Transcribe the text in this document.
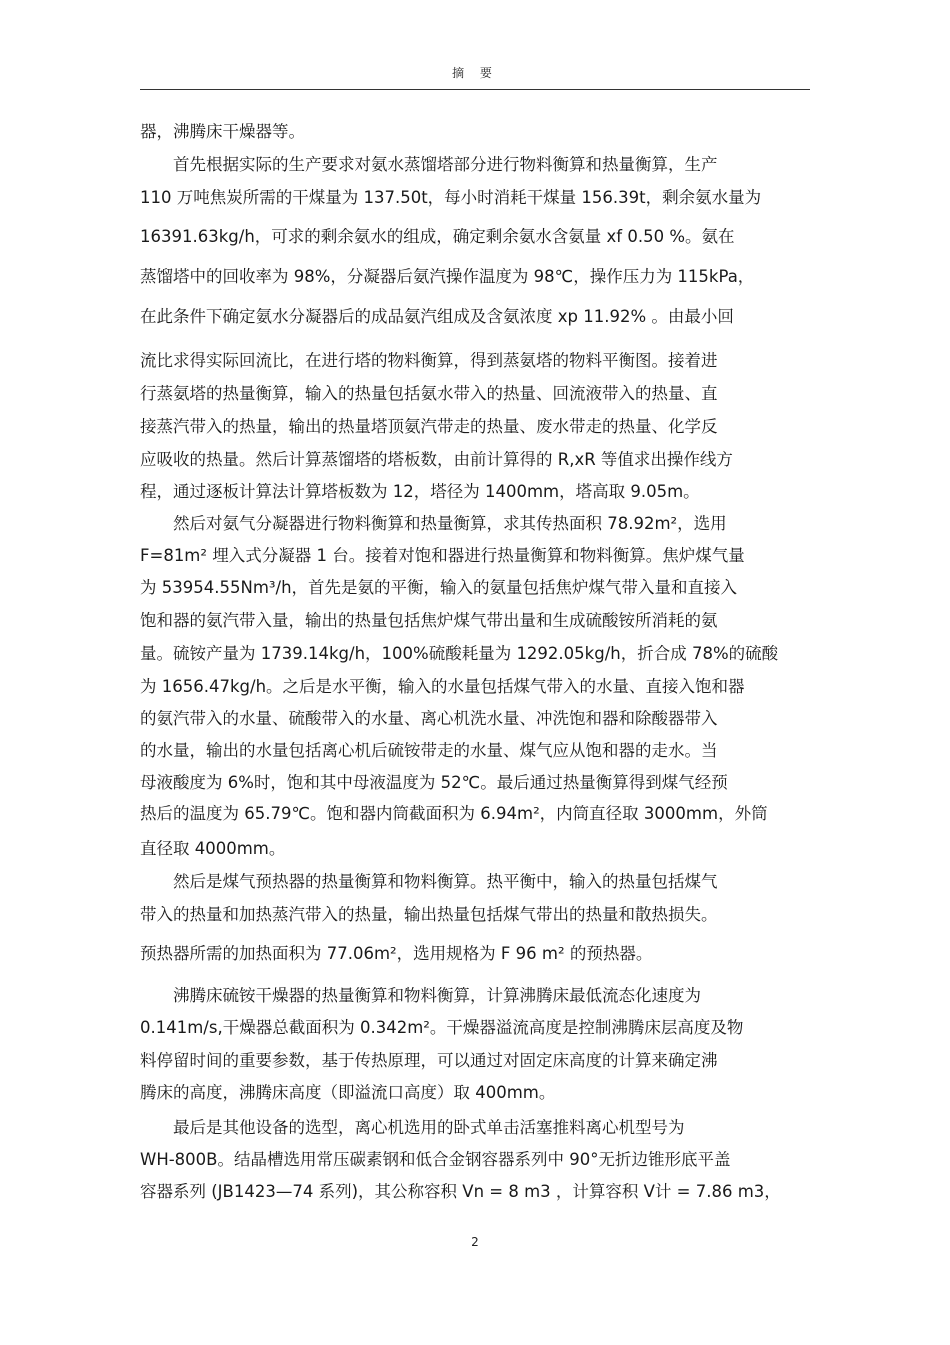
摘 要
器，沸腾床干燥器等。
　　首先根据实际的生产要求对氨水蒸馏塔部分进行物料衡算和热量衡算，生产
110 万吨焦炭所需的干煤量为 137.50t，每小时消耗干煤量 156.39t，剩余氨水量为
16391.63kg/h，可求的剩余氨水的组成，确定剩余氨水含氨量 xf 0.50 %。氨在
蒸馏塔中的回收率为 98%，分凝器后氨汽操作温度为 98℃，操作压力为 115kPa，
在此条件下确定氨水分凝器后的成品氨汽组成及含氨浓度 xp 11.92% 。由最小回
流比求得实际回流比，在进行塔的物料衡算，得到蒸氨塔的物料平衡图。接着进
行蒸氨塔的热量衡算，输入的热量包括氨水带入的热量、回流液带入的热量、直
接蒸汽带入的热量，输出的热量塔顶氨汽带走的热量、废水带走的热量、化学反
应吸收的热量。然后计算蒸馏塔的塔板数，由前计算得的 R,xR 等值求出操作线方
程，通过逐板计算法计算塔板数为 12，塔径为 1400mm，塔高取 9.05m。
　　然后对氨气分凝器进行物料衡算和热量衡算，求其传热面积 78.92m²，选用
F=81m² 埋入式分凝器 1 台。接着对饱和器进行热量衡算和物料衡算。焦炉煤气量
为 53954.55Nm³/h，首先是氨的平衡，输入的氨量包括焦炉煤气带入量和直接入
饱和器的氨汽带入量，输出的热量包括焦炉煤气带出量和生成硫酸铵所消耗的氨
量。硫铵产量为 1739.14kg/h，100%硫酸耗量为 1292.05kg/h，折合成 78%的硫酸
为 1656.47kg/h。之后是水平衡，输入的水量包括煤气带入的水量、直接入饱和器
的氨汽带入的水量、硫酸带入的水量、离心机洗水量、冲洗饱和器和除酸器带入
的水量，输出的水量包括离心机后硫铵带走的水量、煤气应从饱和器的走水。当
母液酸度为 6%时，饱和其中母液温度为 52℃。最后通过热量衡算得到煤气经预
热后的温度为 65.79℃。饱和器内筒截面积为 6.94m²，内筒直径取 3000mm，外筒
直径取 4000mm。
　　然后是煤气预热器的热量衡算和物料衡算。热平衡中，输入的热量包括煤气
带入的热量和加热蒸汽带入的热量，输出热量包括煤气带出的热量和散热损失。
预热器所需的加热面积为 77.06m²，选用规格为 F 96 m² 的预热器。
　　沸腾床硫铵干燥器的热量衡算和物料衡算，计算沸腾床最低流态化速度为
0.141m/s,干燥器总截面积为 0.342m²。干燥器溢流高度是控制沸腾床层高度及物
料停留时间的重要参数，基于传热原理，可以通过对固定床高度的计算来确定沸
腾床的高度，沸腾床高度（即溢流口高度）取 400mm。
　　最后是其他设备的选型，离心机选用的卧式单击活塞推料离心机型号为
WH-800B。结晶槽选用常压碳素钢和低合金钢容器系列中 90°无折边锥形底平盖
容器系列 (JB1423—74 系列)，其公称容积 Vn = 8 m3 ，计算容积 V计 = 7.86 m3，
2
